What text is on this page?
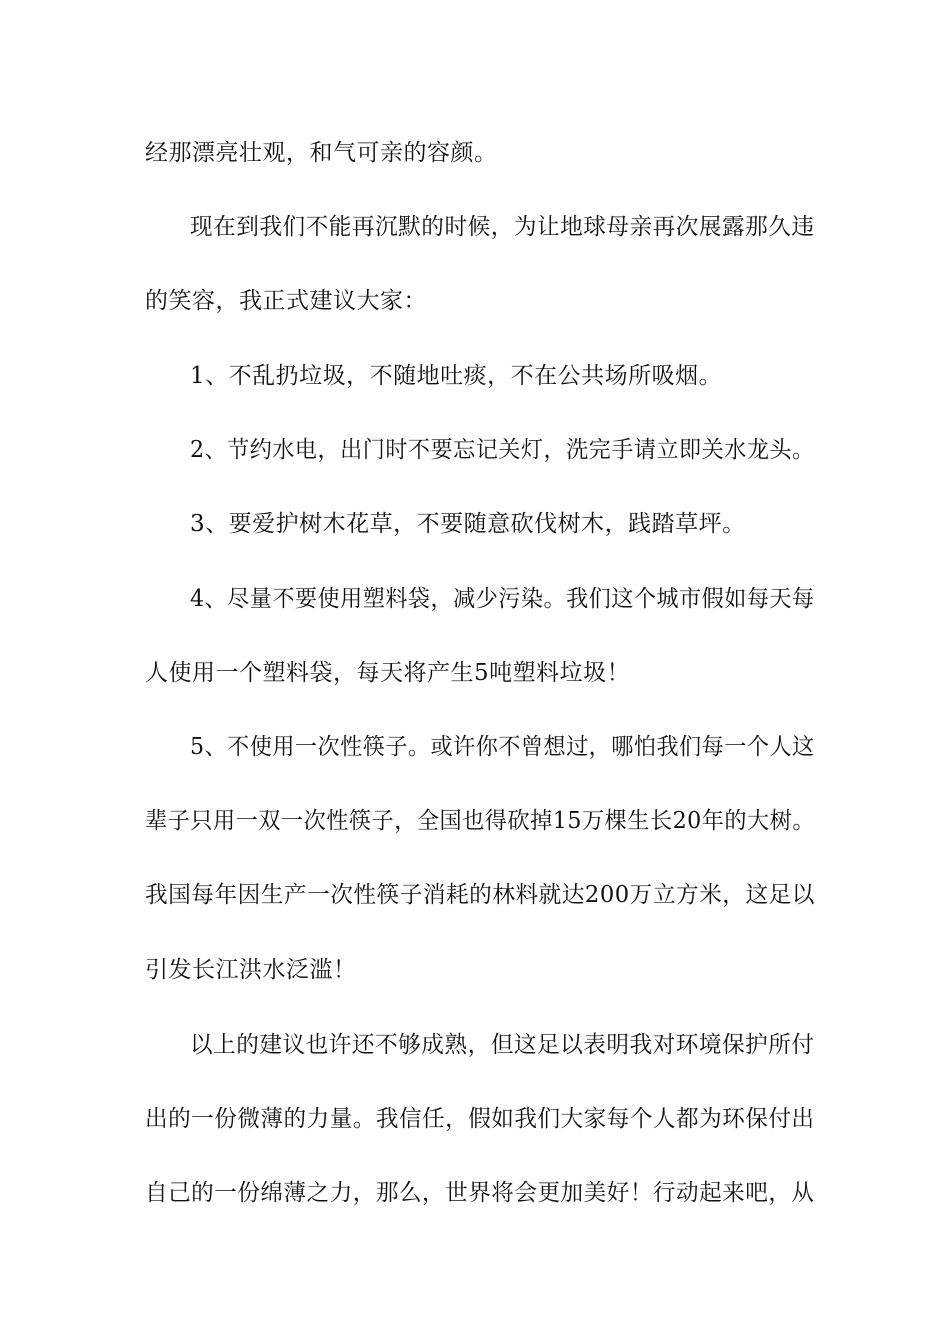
经那漂亮壮观，和气可亲的容颜。
现在到我们不能再沉默的时候，为让地球母亲再次展露那久违
的笑容，我正式建议大家：
1、不乱扔垃圾，不随地吐痰，不在公共场所吸烟。
2、节约水电，出门时不要忘记关灯，洗完手请立即关水龙头。
3、要爱护树木花草，不要随意砍伐树木，践踏草坪。
4、尽量不要使用塑料袋，减少污染。我们这个城市假如每天每
人使用一个塑料袋，每天将产生5吨塑料垃圾！
5、不使用一次性筷子。或许你不曾想过，哪怕我们每一个人这
辈子只用一双一次性筷子，全国也得砍掉15万棵生长20年的大树。
我国每年因生产一次性筷子消耗的林料就达200万立方米，这足以
引发长江洪水泛滥！
以上的建议也许还不够成熟，但这足以表明我对环境保护所付
出的一份微薄的力量。我信任，假如我们大家每个人都为环保付出
自己的一份绵薄之力，那么，世界将会更加美好！行动起来吧，从
